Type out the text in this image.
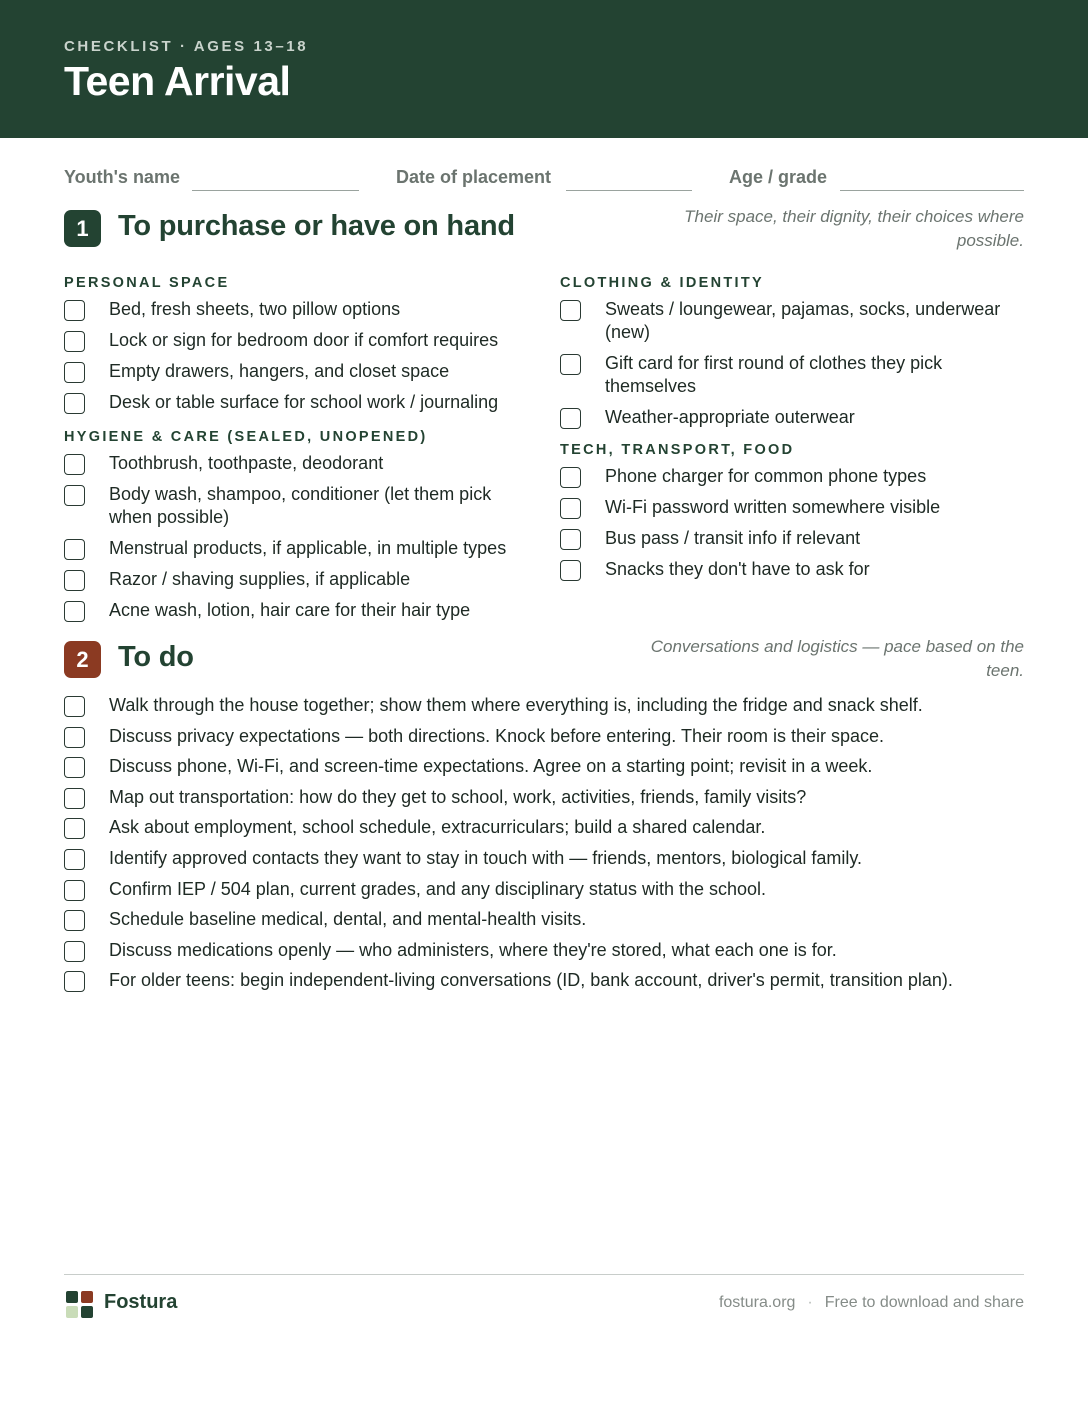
CHECKLIST · AGES 13–18
Teen Arrival
Youth's name	Date of placement	Age / grade
1	To purchase or have on hand	Their space, their dignity, their choices where possible.
PERSONAL SPACE
Bed, fresh sheets, two pillow options
Lock or sign for bedroom door if comfort requires
Empty drawers, hangers, and closet space
Desk or table surface for school work / journaling
HYGIENE & CARE (SEALED, UNOPENED)
Toothbrush, toothpaste, deodorant
Body wash, shampoo, conditioner (let them pick when possible)
Menstrual products, if applicable, in multiple types
Razor / shaving supplies, if applicable
Acne wash, lotion, hair care for their hair type
CLOTHING & IDENTITY
Sweats / loungewear, pajamas, socks, underwear (new)
Gift card for first round of clothes they pick themselves
Weather-appropriate outerwear
TECH, TRANSPORT, FOOD
Phone charger for common phone types
Wi-Fi password written somewhere visible
Bus pass / transit info if relevant
Snacks they don't have to ask for
2	To do	Conversations and logistics — pace based on the teen.
Walk through the house together; show them where everything is, including the fridge and snack shelf.
Discuss privacy expectations — both directions. Knock before entering. Their room is their space.
Discuss phone, Wi-Fi, and screen-time expectations. Agree on a starting point; revisit in a week.
Map out transportation: how do they get to school, work, activities, friends, family visits?
Ask about employment, school schedule, extracurriculars; build a shared calendar.
Identify approved contacts they want to stay in touch with — friends, mentors, biological family.
Confirm IEP / 504 plan, current grades, and any disciplinary status with the school.
Schedule baseline medical, dental, and mental-health visits.
Discuss medications openly — who administers, where they're stored, what each one is for.
For older teens: begin independent-living conversations (ID, bank account, driver's permit, transition plan).
Fostura	fostura.org · Free to download and share
